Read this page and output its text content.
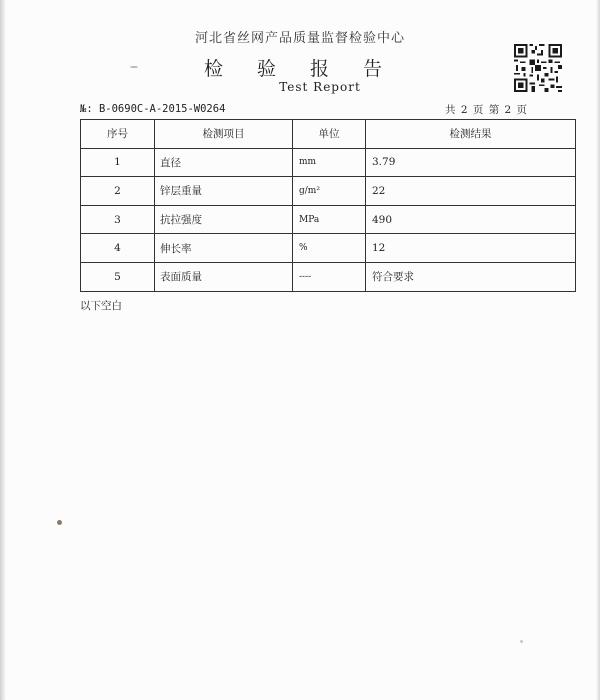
河北省丝网产品质量监督检验中心
检 验 报 告
Test Report
№: B-0690C-A-2015-W0264	共 2 页 第 2 页
序号	检测项目	单位	检测结果
1	直径	mm	3.79
2	锌层重量	g/m²	22
3	抗拉强度	MPa	490
4	伸长率	%	12
5	表面质量	----	符合要求
以下空白
